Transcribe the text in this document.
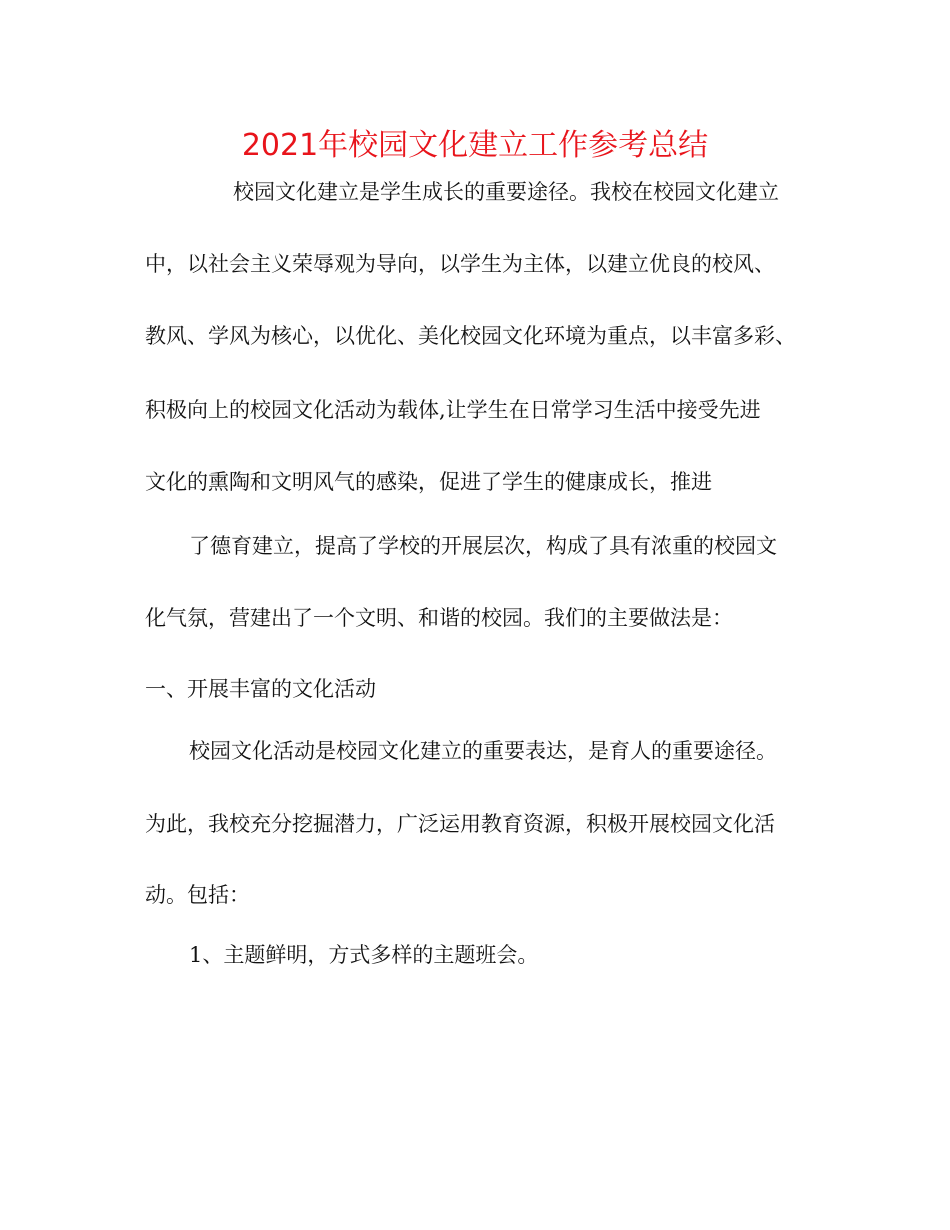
2021年校园文化建立工作参考总结
校园文化建立是学生成长的重要途径。我校在校园文化建立
中，以社会主义荣辱观为导向，以学生为主体，以建立优良的校风、
教风、学风为核心，以优化、美化校园文化环境为重点，以丰富多彩、
积极向上的校园文化活动为载体,让学生在日常学习生活中接受先进
文化的熏陶和文明风气的感染，促进了学生的健康成长，推进
了德育建立，提高了学校的开展层次，构成了具有浓重的校园文
化气氛，营建出了一个文明、和谐的校园。我们的主要做法是：
一、开展丰富的文化活动
校园文化活动是校园文化建立的重要表达，是育人的重要途径。
为此，我校充分挖掘潜力，广泛运用教育资源，积极开展校园文化活
动。包括：
1、主题鲜明，方式多样的主题班会。
